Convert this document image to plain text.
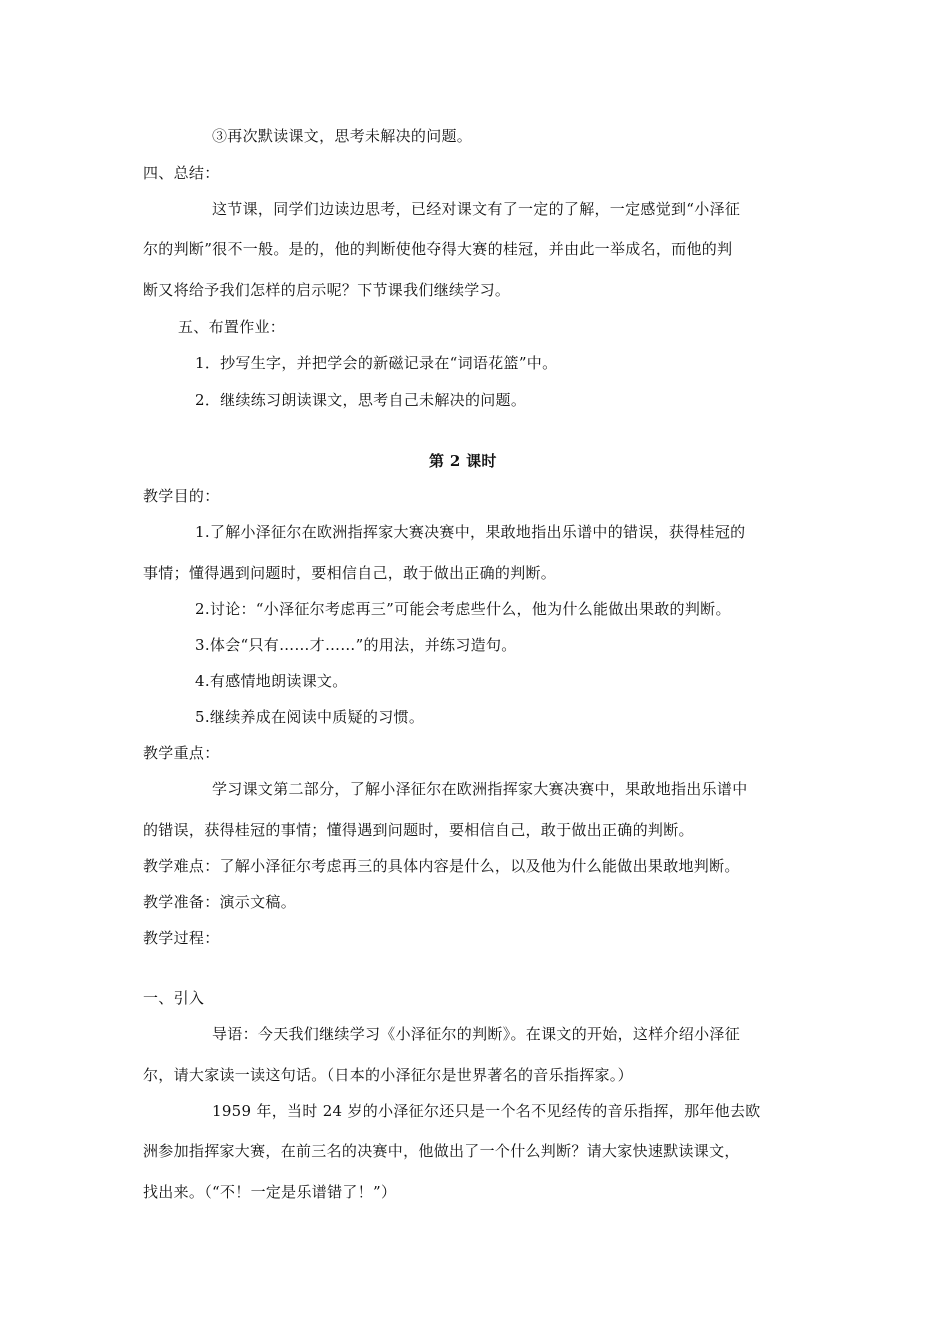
③再次默读课文，思考未解决的问题。
四、总结：
这节课，同学们边读边思考，已经对课文有了一定的了解，一定感觉到“小泽征
尔的判断”很不一般。是的，他的判断使他夺得大赛的桂冠，并由此一举成名，而他的判
断又将给予我们怎样的启示呢？下节课我们继续学习。
五、布置作业：
1．抄写生字，并把学会的新磁记录在“词语花篮”中。
2．继续练习朗读课文，思考自己未解决的问题。
第 2 课时
教学目的：
1.了解小泽征尔在欧洲指挥家大赛决赛中，果敢地指出乐谱中的错误，获得桂冠的
事情；懂得遇到问题时，要相信自己，敢于做出正确的判断。
2.讨论：“小泽征尔考虑再三”可能会考虑些什么，他为什么能做出果敢的判断。
3.体会“只有……才……”的用法，并练习造句。
4.有感情地朗读课文。
5.继续养成在阅读中质疑的习惯。
教学重点：
学习课文第二部分，了解小泽征尔在欧洲指挥家大赛决赛中，果敢地指出乐谱中
的错误，获得桂冠的事情；懂得遇到问题时，要相信自己，敢于做出正确的判断。
教学难点：了解小泽征尔考虑再三的具体内容是什么，以及他为什么能做出果敢地判断。
教学准备：演示文稿。
教学过程：
一、引入
导语：今天我们继续学习《小泽征尔的判断》。在课文的开始，这样介绍小泽征
尔，请大家读一读这句话。（日本的小泽征尔是世界著名的音乐指挥家。）
1959 年，当时 24 岁的小泽征尔还只是一个名不见经传的音乐指挥，那年他去欧
洲参加指挥家大赛，在前三名的决赛中，他做出了一个什么判断？请大家快速默读课文，
找出来。（“不！一定是乐谱错了！”）
